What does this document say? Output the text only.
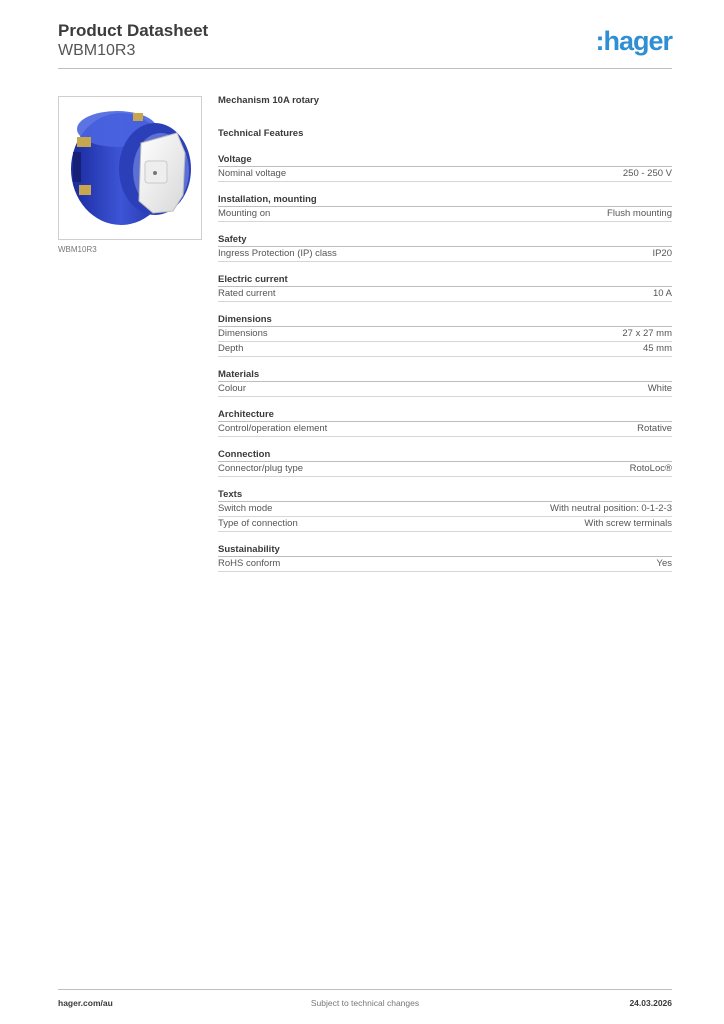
Product Datasheet
WBM10R3	:hager
WBM10R3
Mechanism 10A rotary
Technical Features
Voltage
Nominal voltage	250 - 250 V
Installation, mounting
Mounting on	Flush mounting
Safety
Ingress Protection (IP) class	IP20
Electric current
Rated current	10 A
Dimensions
Dimensions	27 x 27 mm
Depth	45 mm
Materials
Colour	White
Architecture
Control/operation element	Rotative
Connection
Connector/plug type	RotoLoc®
Texts
Switch mode	With neutral position: 0-1-2-3
Type of connection	With screw terminals
Sustainability
RoHS conform	Yes
hager.com/au	Subject to technical changes	24.03.2026
